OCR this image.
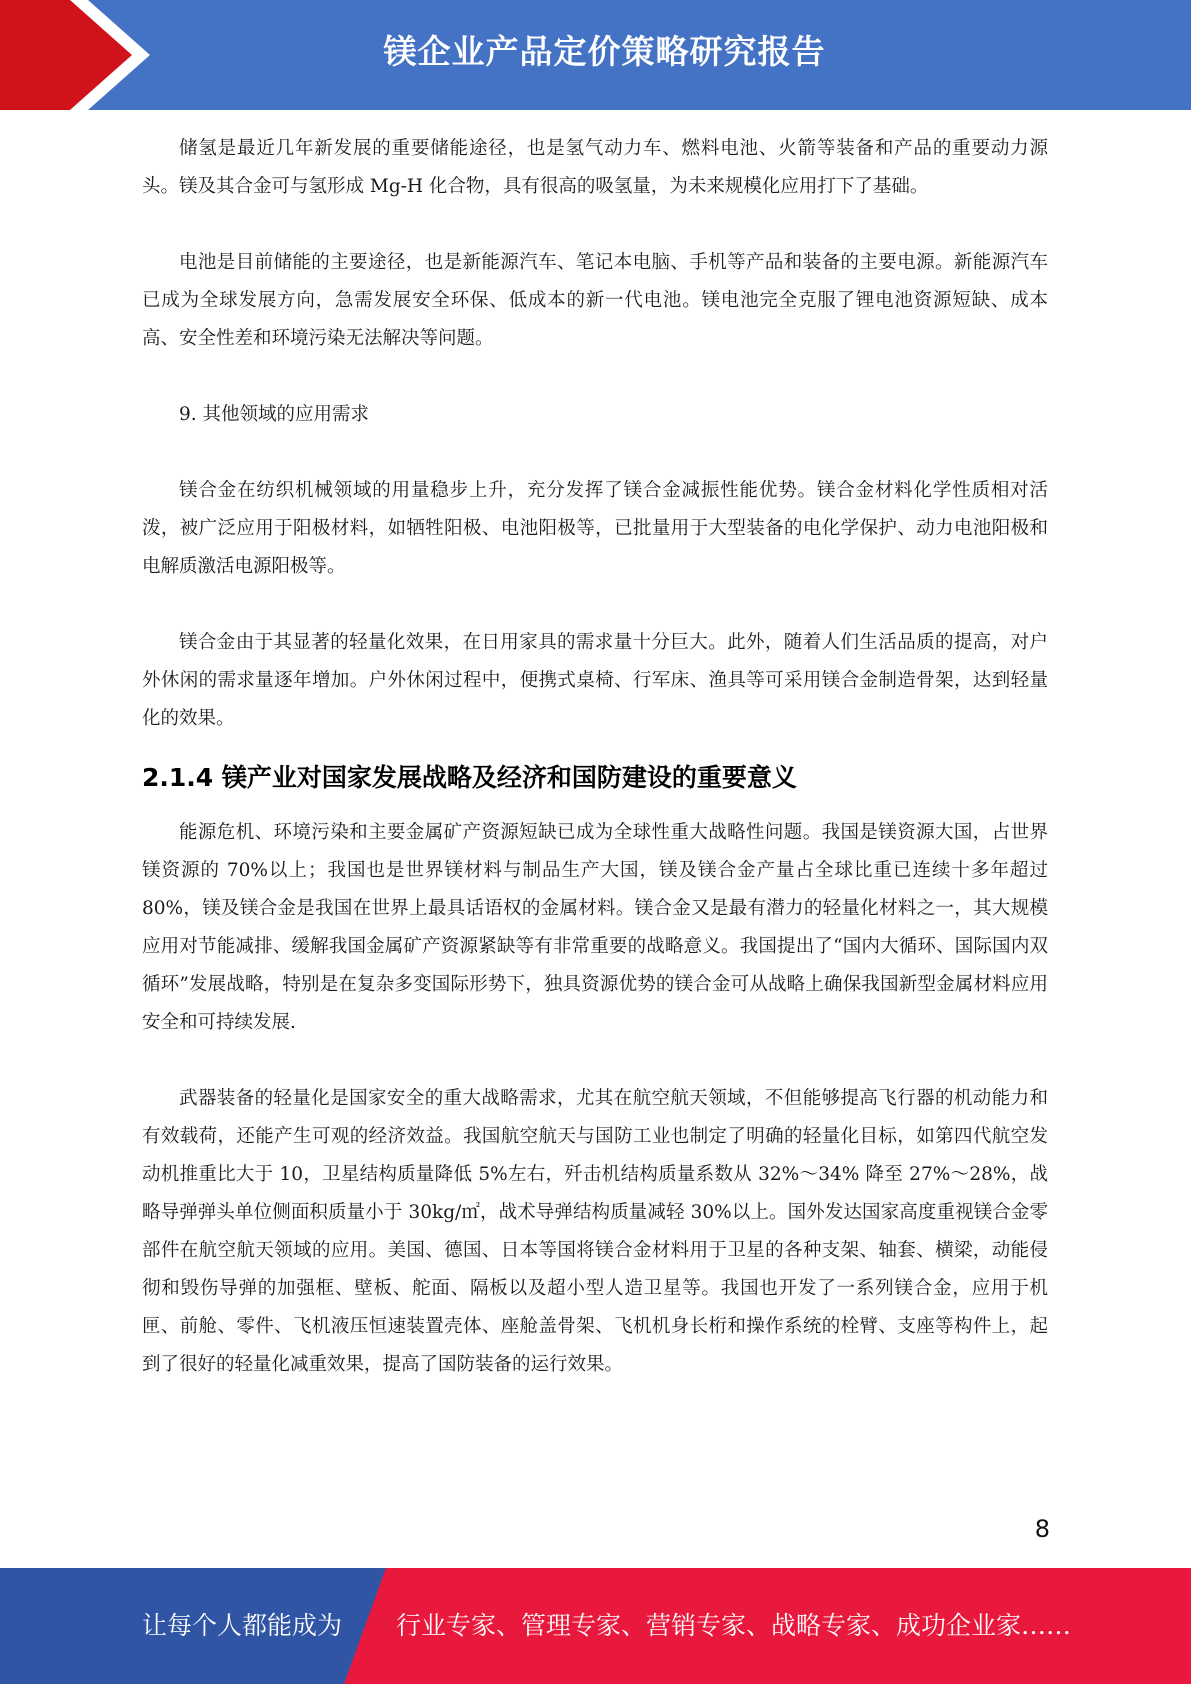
镁企业产品定价策略研究报告

储氢是最近几年新发展的重要储能途径，也是氢气动力车、燃料电池、火箭等装备和产品的重要动力源头。镁及其合金可与氢形成 Mg-H 化合物，具有很高的吸氢量，为未来规模化应用打下了基础。

电池是目前储能的主要途径，也是新能源汽车、笔记本电脑、手机等产品和装备的主要电源。新能源汽车已成为全球发展方向，急需发展安全环保、低成本的新一代电池。镁电池完全克服了锂电池资源短缺、成本高、安全性差和环境污染无法解决等问题。

9. 其他领域的应用需求

镁合金在纺织机械领域的用量稳步上升，充分发挥了镁合金减振性能优势。镁合金材料化学性质相对活泼，被广泛应用于阳极材料，如牺牲阳极、电池阳极等，已批量用于大型装备的电化学保护、动力电池阳极和电解质激活电源阳极等。

镁合金由于其显著的轻量化效果，在日用家具的需求量十分巨大。此外，随着人们生活品质的提高，对户外休闲的需求量逐年增加。户外休闲过程中，便携式桌椅、行军床、渔具等可采用镁合金制造骨架，达到轻量化的效果。

2.1.4 镁产业对国家发展战略及经济和国防建设的重要意义

能源危机、环境污染和主要金属矿产资源短缺已成为全球性重大战略性问题。我国是镁资源大国，占世界镁资源的 70%以上；我国也是世界镁材料与制品生产大国，镁及镁合金产量占全球比重已连续十多年超过 80%，镁及镁合金是我国在世界上最具话语权的金属材料。镁合金又是最有潜力的轻量化材料之一，其大规模应用对节能减排、缓解我国金属矿产资源紧缺等有非常重要的战略意义。我国提出了“国内大循环、国际国内双循环”发展战略，特别是在复杂多变国际形势下，独具资源优势的镁合金可从战略上确保我国新型金属材料应用安全和可持续发展.

武器装备的轻量化是国家安全的重大战略需求，尤其在航空航天领域，不但能够提高飞行器的机动能力和有效载荷，还能产生可观的经济效益。我国航空航天与国防工业也制定了明确的轻量化目标，如第四代航空发动机推重比大于 10，卫星结构质量降低 5%左右，歼击机结构质量系数从 32%～34% 降至 27%～28%，战略导弹弹头单位侧面积质量小于 30kg/㎡，战术导弹结构质量减轻 30%以上。国外发达国家高度重视镁合金零部件在航空航天领域的应用。美国、德国、日本等国将镁合金材料用于卫星的各种支架、轴套、横梁，动能侵彻和毁伤导弹的加强框、壁板、舵面、隔板以及超小型人造卫星等。我国也开发了一系列镁合金，应用于机匣、前舱、零件、飞机液压恒速装置壳体、座舱盖骨架、飞机机身长桁和操作系统的栓臂、支座等构件上，起到了很好的轻量化减重效果，提高了国防装备的运行效果。

8
让每个人都能成为 行业专家、管理专家、营销专家、战略专家、成功企业家……
